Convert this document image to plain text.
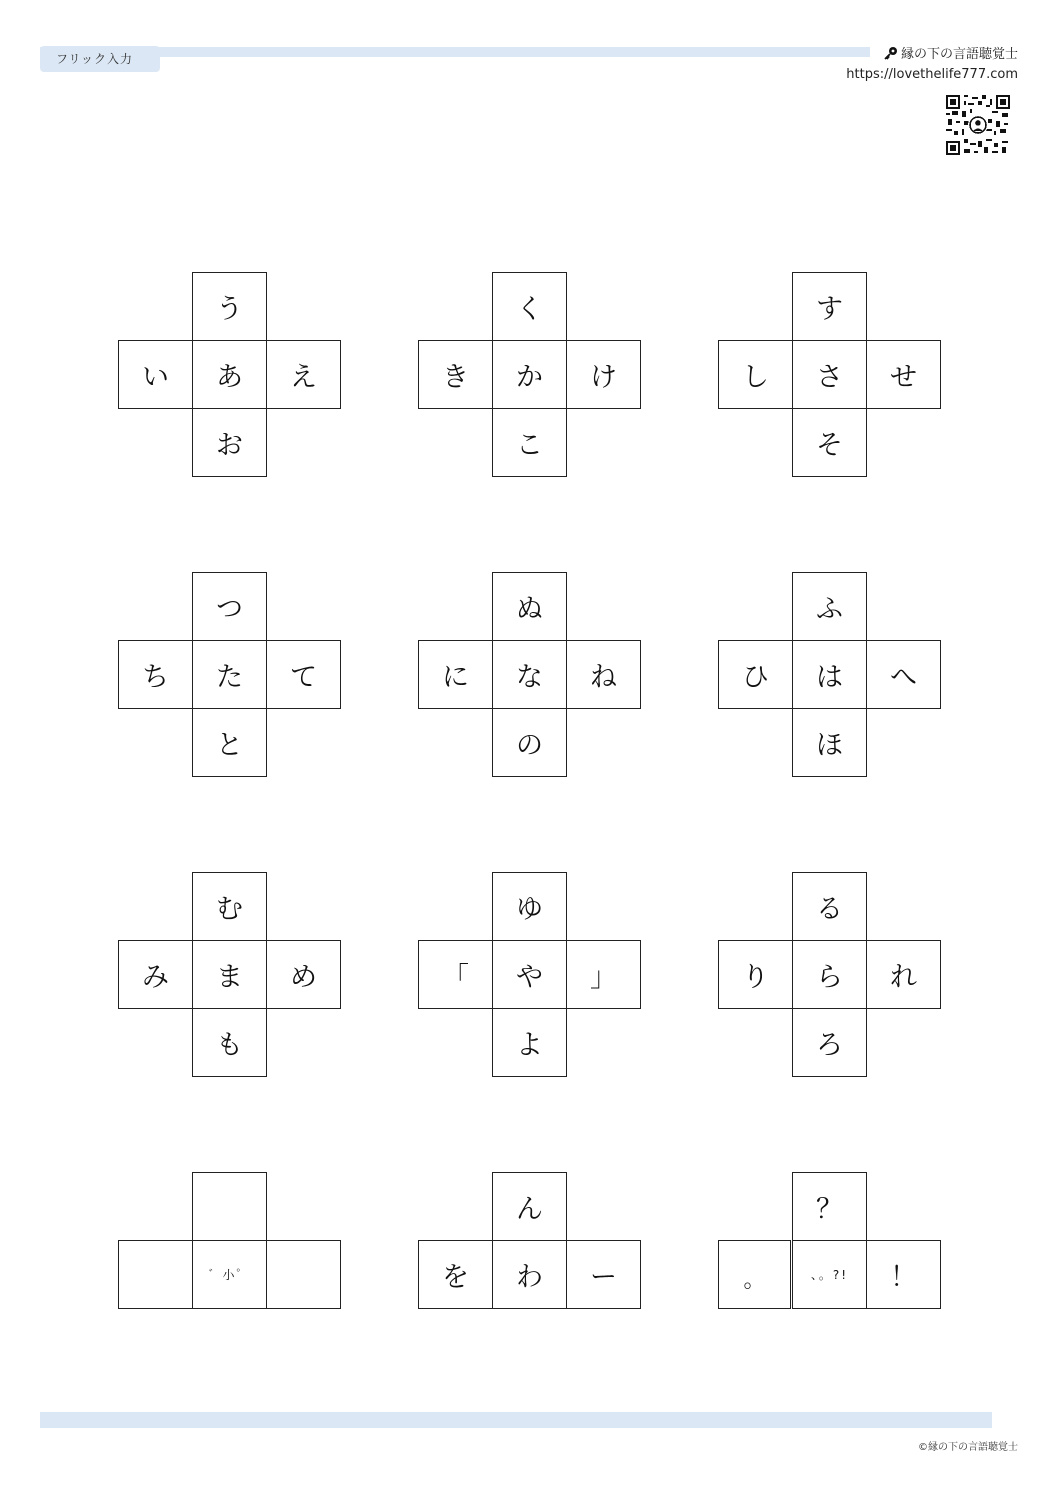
フリック入力	縁の下の言語聴覚士
https://lovethelife777.com
う
い	あ	え
お
く
き	か	け
こ
す
し	さ	せ
そ
つ
ち	た	て
と
ぬ
に	な	ね
の
ふ
ひ	は	へ
ほ
む
み	ま	め
も
ゆ
「	や	」
よ
る
り	ら	れ
ろ
゛小゜
ん
を	わ	ー
？
。	、。?!	！
©縁の下の言語聴覚士
